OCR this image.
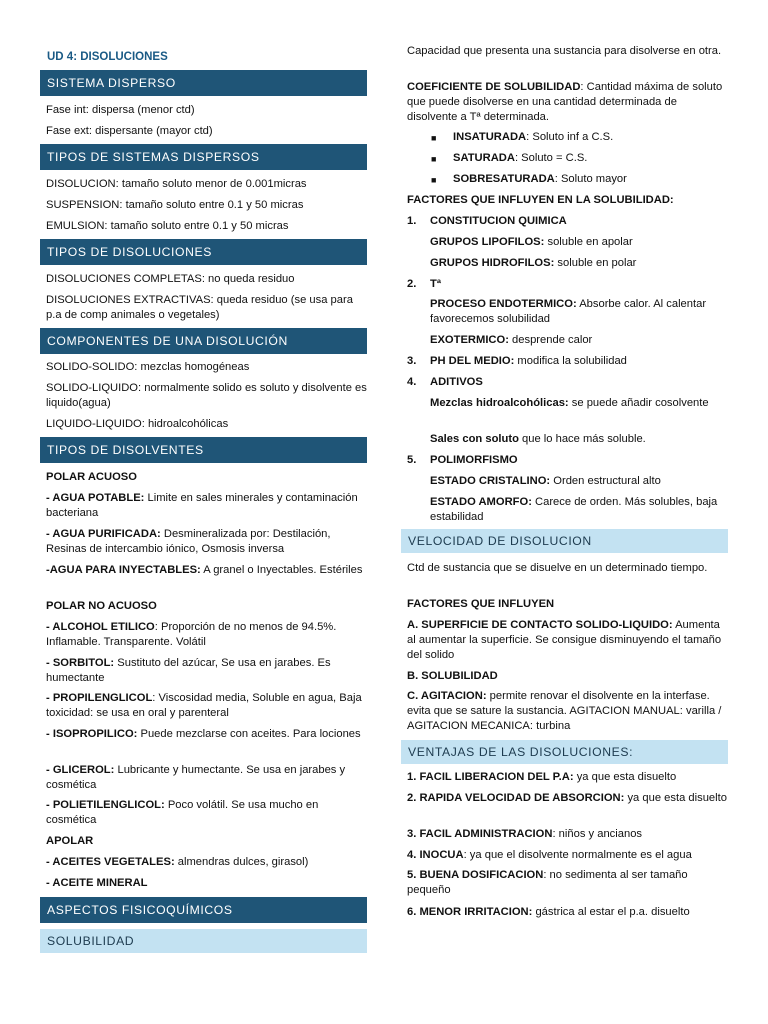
UD 4: DISOLUCIONES
SISTEMA DISPERSO

Fase int: dispersa (menor ctd)

Fase ext: dispersante (mayor ctd)

TIPOS DE SISTEMAS DISPERSOS

DISOLUCION: tamaño soluto menor de 0.001micras

SUSPENSION: tamaño soluto entre 0.1 y 50 micras

EMULSION: tamaño soluto entre 0.1 y 50 micras

TIPOS DE DISOLUCIONES

DISOLUCIONES COMPLETAS: no queda residuo

DISOLUCIONES EXTRACTIVAS: queda residuo (se usa para p.a de comp animales o vegetales)

COMPONENTES DE UNA DISOLUCIÓN

SOLIDO-SOLIDO: mezclas homogéneas

SOLIDO-LIQUIDO: normalmente solido es soluto y disolvente es liquido(agua)

LIQUIDO-LIQUIDO: hidroalcohólicas

TIPOS DE DISOLVENTES

POLAR ACUOSO

- AGUA POTABLE: Limite en sales minerales y contaminación bacteriana

- AGUA PURIFICADA: Desmineralizada por: Destilación, Resinas de intercambio iónico, Osmosis inversa

-AGUA PARA INYECTABLES: A granel o Inyectables. Estériles

POLAR NO ACUOSO

- ALCOHOL ETILICO: Proporción de no menos de 94.5%. Inflamable. Transparente. Volátil

- SORBITOL: Sustituto del azúcar, Se usa en jarabes. Es humectante

- PROPILENGLICOL: Viscosidad media, Soluble en agua, Baja toxicidad: se usa en oral y parenteral

- ISOPROPILICO: Puede mezclarse con aceites. Para lociones

- GLICEROL: Lubricante y humectante. Se usa en jarabes y cosmética

- POLIETILENGLICOL: Poco volátil. Se usa mucho en cosmética

APOLAR

- ACEITES VEGETALES: almendras dulces, girasol)

- ACEITE MINERAL

ASPECTOS FISICOQUÍMICOS
SOLUBILIDAD

Capacidad que presenta una sustancia para disolverse en otra.

COEFICIENTE DE SOLUBILIDAD: Cantidad máxima de soluto que puede disolverse en una cantidad determinada de disolvente a Tª determinada.

■ INSATURADA: Soluto inf a C.S.

■ SATURADA: Soluto = C.S.

■ SOBRESATURADA: Soluto mayor

FACTORES QUE INFLUYEN EN LA SOLUBILIDAD:

1. CONSTITUCION QUIMICA

GRUPOS LIPOFILOS: soluble en apolar

GRUPOS HIDROFILOS: soluble en polar

2. Tª

PROCESO ENDOTERMICO: Absorbe calor. Al calentar favorecemos solubilidad

EXOTERMICO: desprende calor

3. PH DEL MEDIO: modifica la solubilidad

4. ADITIVOS

Mezclas hidroalcohólicas: se puede añadir cosolvente

Sales con soluto que lo hace más soluble.

5. POLIMORFISMO

ESTADO CRISTALINO: Orden estructural alto

ESTADO AMORFO: Carece de orden. Más solubles, baja estabilidad

VELOCIDAD DE DISOLUCION

Ctd de sustancia que se disuelve en un determinado tiempo.

FACTORES QUE INFLUYEN

A. SUPERFICIE DE CONTACTO SOLIDO-LIQUIDO: Aumenta al aumentar la superficie. Se consigue disminuyendo el tamaño del solido

B. SOLUBILIDAD

C. AGITACION: permite renovar el disolvente en la interfase. evita que se sature la sustancia. AGITACION MANUAL: varilla / AGITACION MECANICA: turbina

VENTAJAS DE LAS DISOLUCIONES:

1. FACIL LIBERACION DEL P.A: ya que esta disuelto

2. RAPIDA VELOCIDAD DE ABSORCION: ya que esta disuelto

3. FACIL ADMINISTRACION: niños y ancianos

4. INOCUA: ya que el disolvente normalmente es el agua

5. BUENA DOSIFICACION: no sedimenta al ser tamaño pequeño

6. MENOR IRRITACION: gástrica al estar el p.a. disuelto
